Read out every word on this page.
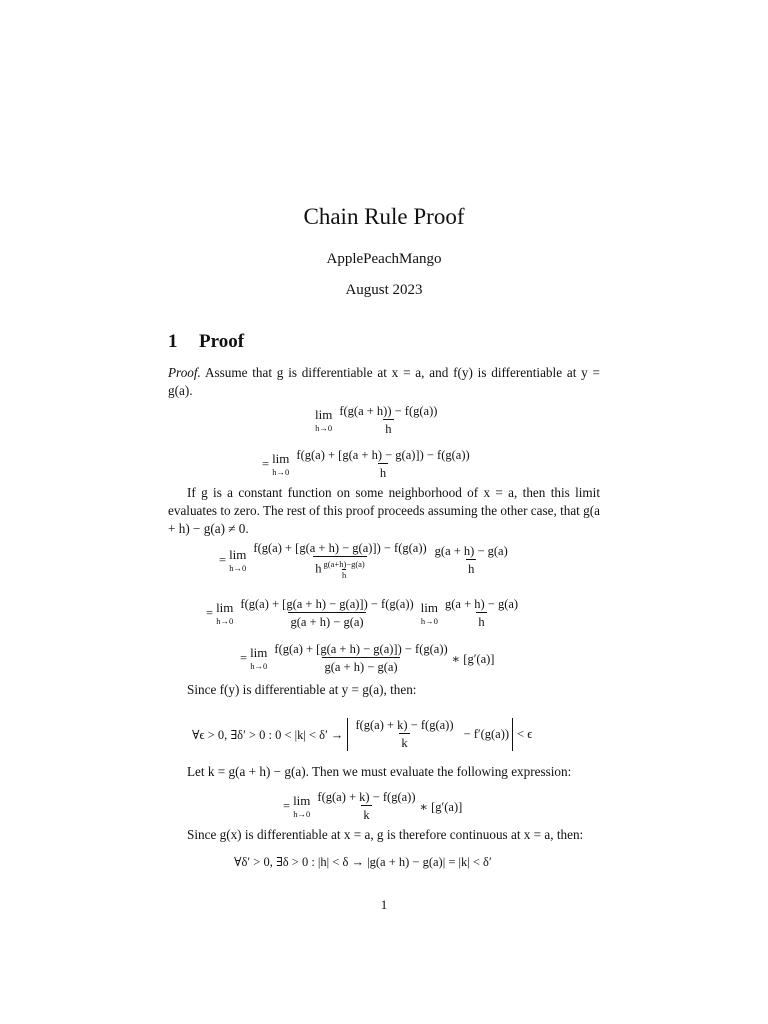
Chain Rule Proof
ApplePeachMango
August 2023
1 Proof
Proof. Assume that g is differentiable at x = a, and f(y) is differentiable at y = g(a).
lim
$h\to 0 \frac{f(g(a + h)) - f(g(a))}{h}$
= lim
$h\to 0 \frac{f(g(a) + [g(a + h) - g(a)]) - f(g(a))}{h}$
If g is a constant function on some neighborhood of x = a, then this limit evaluates to zero. The rest of this proof proceeds assuming the other case, that g(a + h) − g(a) ≠ 0.
= lim
$h\to 0 \frac{f(g(a) + [g(a + h) - g(a)]) - f(g(a))}{h \frac{g(a+h)-g(a)}{h}} \frac{g(a + h) - g(a)}{h}$
= lim
$h\to 0 \frac{f(g(a) + [g(a + h) - g(a)]) - f(g(a))}{g(a + h) - g(a)}$ lim
$h\to 0 \frac{g(a + h) - g(a)}{h}$
= lim
$h\to 0 \frac{f(g(a) + [g(a + h) - g(a)]) - f(g(a))}{g(a + h) - g(a)}$ ∗ [g′(a)]
Since f(y) is differentiable at y = g(a), then:
∀ϵ > 0, ∃δ′ > 0 : $0 < |k| < \delta' \to \frac{f(g(a) + k) - f(g(a))}{k} - f'(g(a)) < \epsilon$
Let k = g(a + h) − g(a). Then we must evaluate the following expression:
= lim
$h\to 0 \frac{f(g(a) + k) - f(g(a))}{k}$ ∗ [g′(a)]
Since g(x) is differentiable at x = a, g is therefore continuous at x = a, then:
∀δ′ > 0, ∃δ > 0 : |h| < δ → |g(a + h) − g(a)| = |k| < δ′
1
